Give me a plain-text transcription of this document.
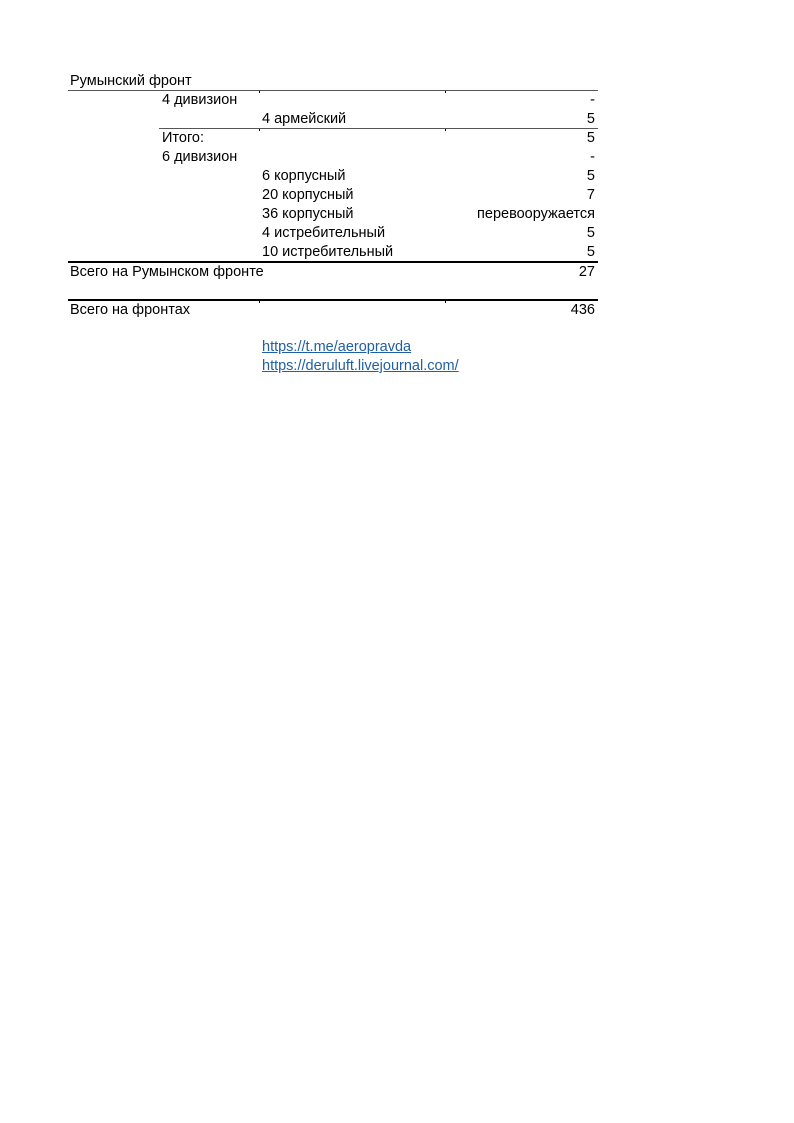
Румынский фронт
4 дивизион	-
4 армейский	5
Итого:	5
6 дивизион	-
6 корпусный	5
20 корпусный	7
36 корпусный	перевооружается
4 истребительный	5
10 истребительный	5
Всего на Румынском фронте	27
Всего на фронтах	436
https://t.me/aeropravda
https://deruluft.livejournal.com/
